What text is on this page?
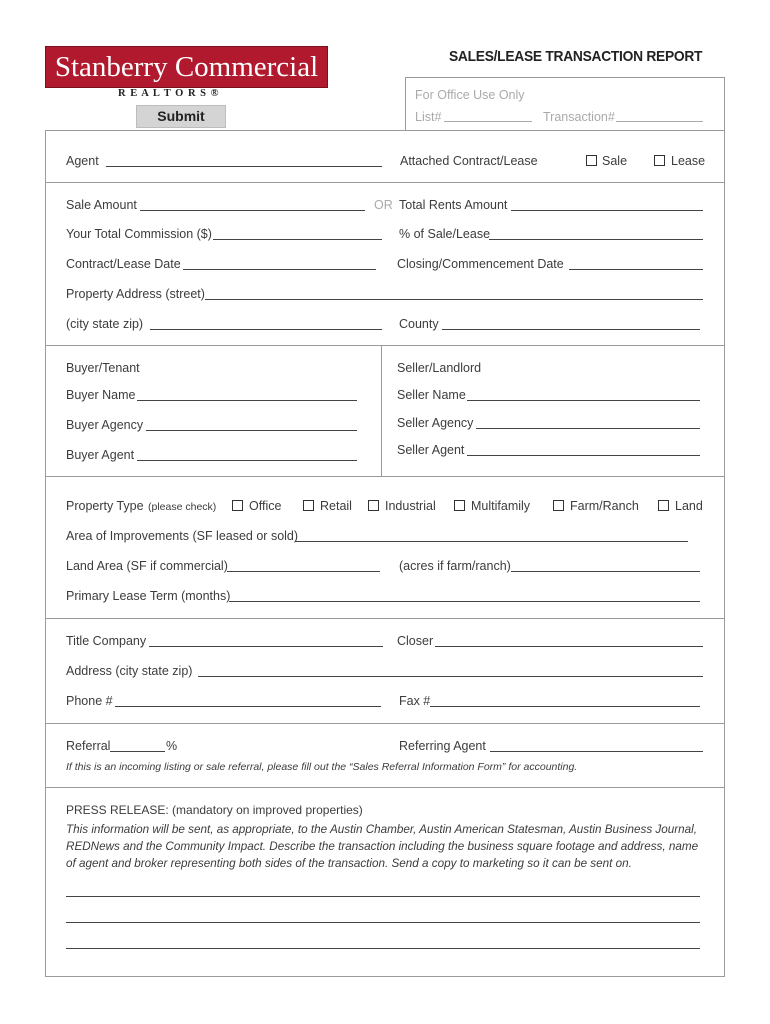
Stanberry Commercial
R E A L T O R S ®
Submit
SALES/LEASE TRANSACTION REPORT
For Office Use Only
List#	Transaction#
Agent	Attached Contract/Lease	Sale	Lease
Sale Amount	OR Total Rents Amount
Your Total Commission ($)	% of Sale/Lease
Contract/Lease Date	Closing/Commencement Date
Property Address (street)
(city state zip)	County
Buyer/Tenant
Buyer Name
Buyer Agency
Buyer Agent
Seller/Landlord
Seller Name
Seller Agency
Seller Agent
Property Type (please check)	Office	Retail	Industrial	Multifamily	Farm/Ranch	Land
Area of Improvements (SF leased or sold)
Land Area (SF if commercial)	(acres if farm/ranch)
Primary Lease Term (months)
Title Company	Closer
Address (city state zip)
Phone #	Fax #
Referral	%	Referring Agent
If this is an incoming listing or sale referral, please fill out the “Sales Referral Information Form” for accounting.
PRESS RELEASE: (mandatory on improved properties)
This information will be sent, as appropriate, to the Austin Chamber, Austin American Statesman, Austin Business Journal,
REDNews and the Community Impact. Describe the transaction including the business square footage and address, name
of agent and broker representing both sides of the transaction. Send a copy to marketing so it can be sent on.
